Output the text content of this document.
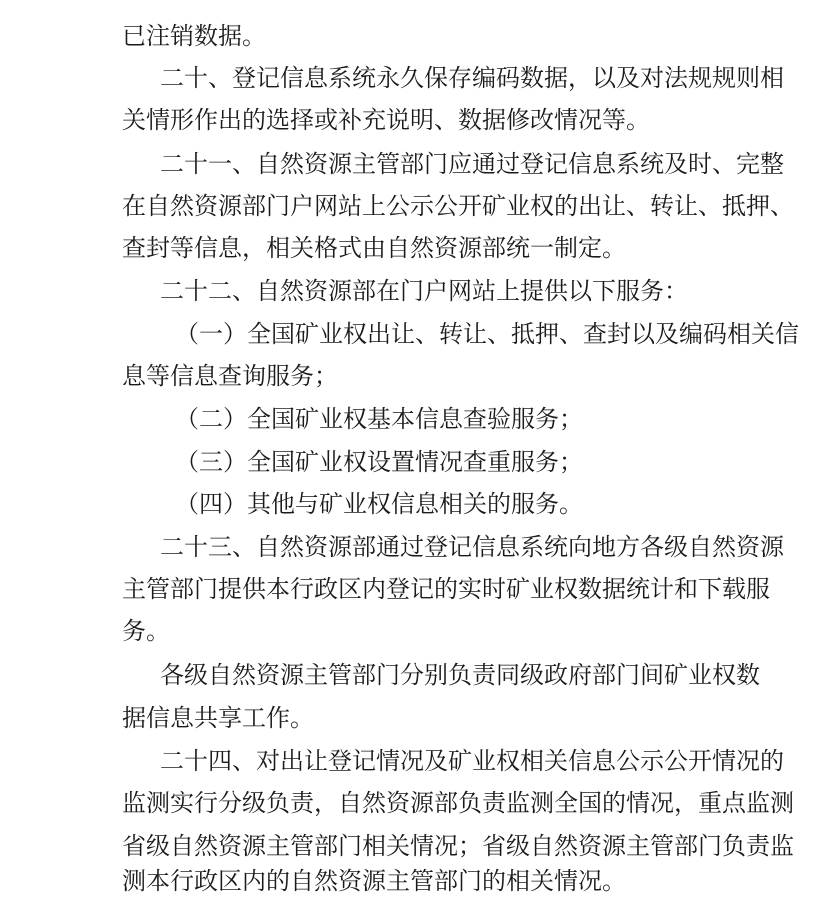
已注销数据。

二十、登记信息系统永久保存编码数据，以及对法规规则相

关情形作出的选择或补充说明、数据修改情况等。

二十一、自然资源主管部门应通过登记信息系统及时、完整

在自然资源部门户网站上公示公开矿业权的出让、转让、抵押、

查封等信息，相关格式由自然资源部统一制定。

二十二、自然资源部在门户网站上提供以下服务：

（一）全国矿业权出让、转让、抵押、查封以及编码相关信

息等信息查询服务；

（二）全国矿业权基本信息查验服务；

（三）全国矿业权设置情况查重服务；

（四）其他与矿业权信息相关的服务。

二十三、自然资源部通过登记信息系统向地方各级自然资源

主管部门提供本行政区内登记的实时矿业权数据统计和下载服

务。

各级自然资源主管部门分别负责同级政府部门间矿业权数

据信息共享工作。

二十四、对出让登记情况及矿业权相关信息公示公开情况的

监测实行分级负责，自然资源部负责监测全国的情况，重点监测

省级自然资源主管部门相关情况；省级自然资源主管部门负责监

测本行政区内的自然资源主管部门的相关情况。
